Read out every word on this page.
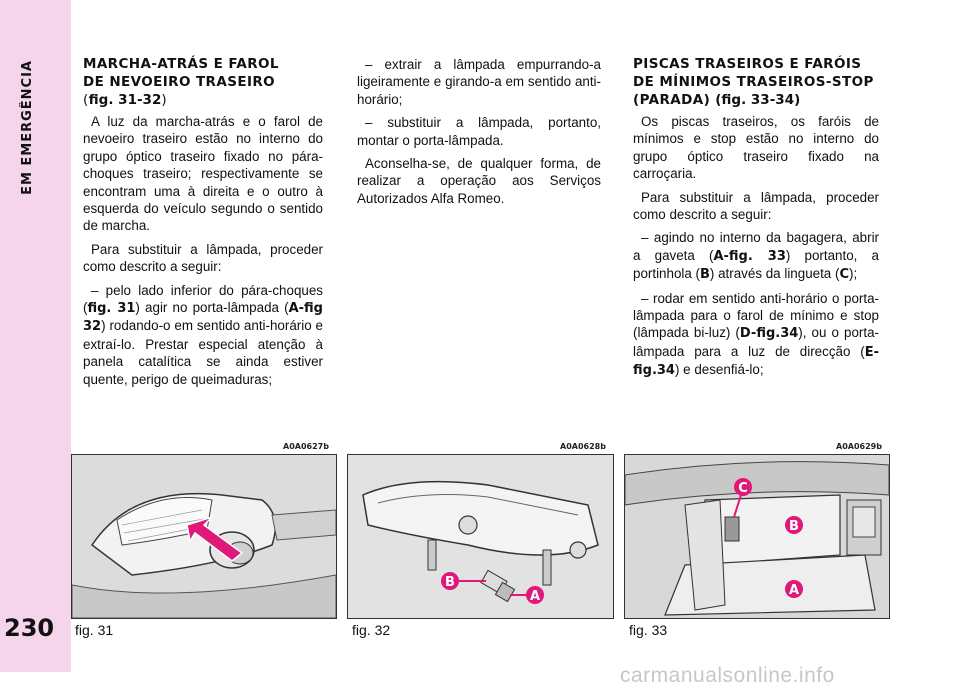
EM EMERGÊNCIA
230
MARCHA-ATRÁS E FAROL
DE NEVOEIRO TRASEIRO
(fig. 31-32)

A luz da marcha-atrás e o farol de nevoeiro traseiro estão no interno do grupo óptico traseiro fixado no pára-choques traseiro; respectivamente se encontram uma à direita e o outro à esquerda do veículo segundo o sentido de marcha.

Para substituir a lâmpada, proceder como descrito a seguir:

– pelo lado inferior do pára-choques (fig. 31) agir no porta-lâmpada (A-fig 32) rodando-o em sentido anti-horário e extraí-lo. Prestar especial atenção à panela catalítica se ainda estiver quente, perigo de queimaduras;

– extrair a lâmpada empurrando-a ligeiramente e girando-a em sentido anti-horário;

– substituir a lâmpada, portanto, montar o porta-lâmpada.

Aconselha-se, de qualquer forma, de realizar a operação aos Serviços Autorizados Alfa Romeo.

PISCAS TRASEIROS E FARÓIS
DE MÍNIMOS TRASEIROS-STOP
(PARADA) (fig. 33-34)

Os piscas traseiros, os faróis de mínimos e stop estão no interno do grupo óptico traseiro fixado na carroçaria.

Para substituir a lâmpada, proceder como descrito a seguir:

– agindo no interno da bagagera, abrir a gaveta (A-fig. 33) portanto, a portinhola (B) através da lingueta (C);

– rodar em sentido anti-horário o porta-lâmpada para o farol de mínimo e stop (lâmpada bi-luz) (D-fig.34), ou o porta-lâmpada para a luz de direcção (E-fig.34) e desenfiá-lo;

A0A0627b	A0A0628b	A0A0629b
B
A
C
B
A
fig. 31	fig. 32	fig. 33
carmanualsonline.info
